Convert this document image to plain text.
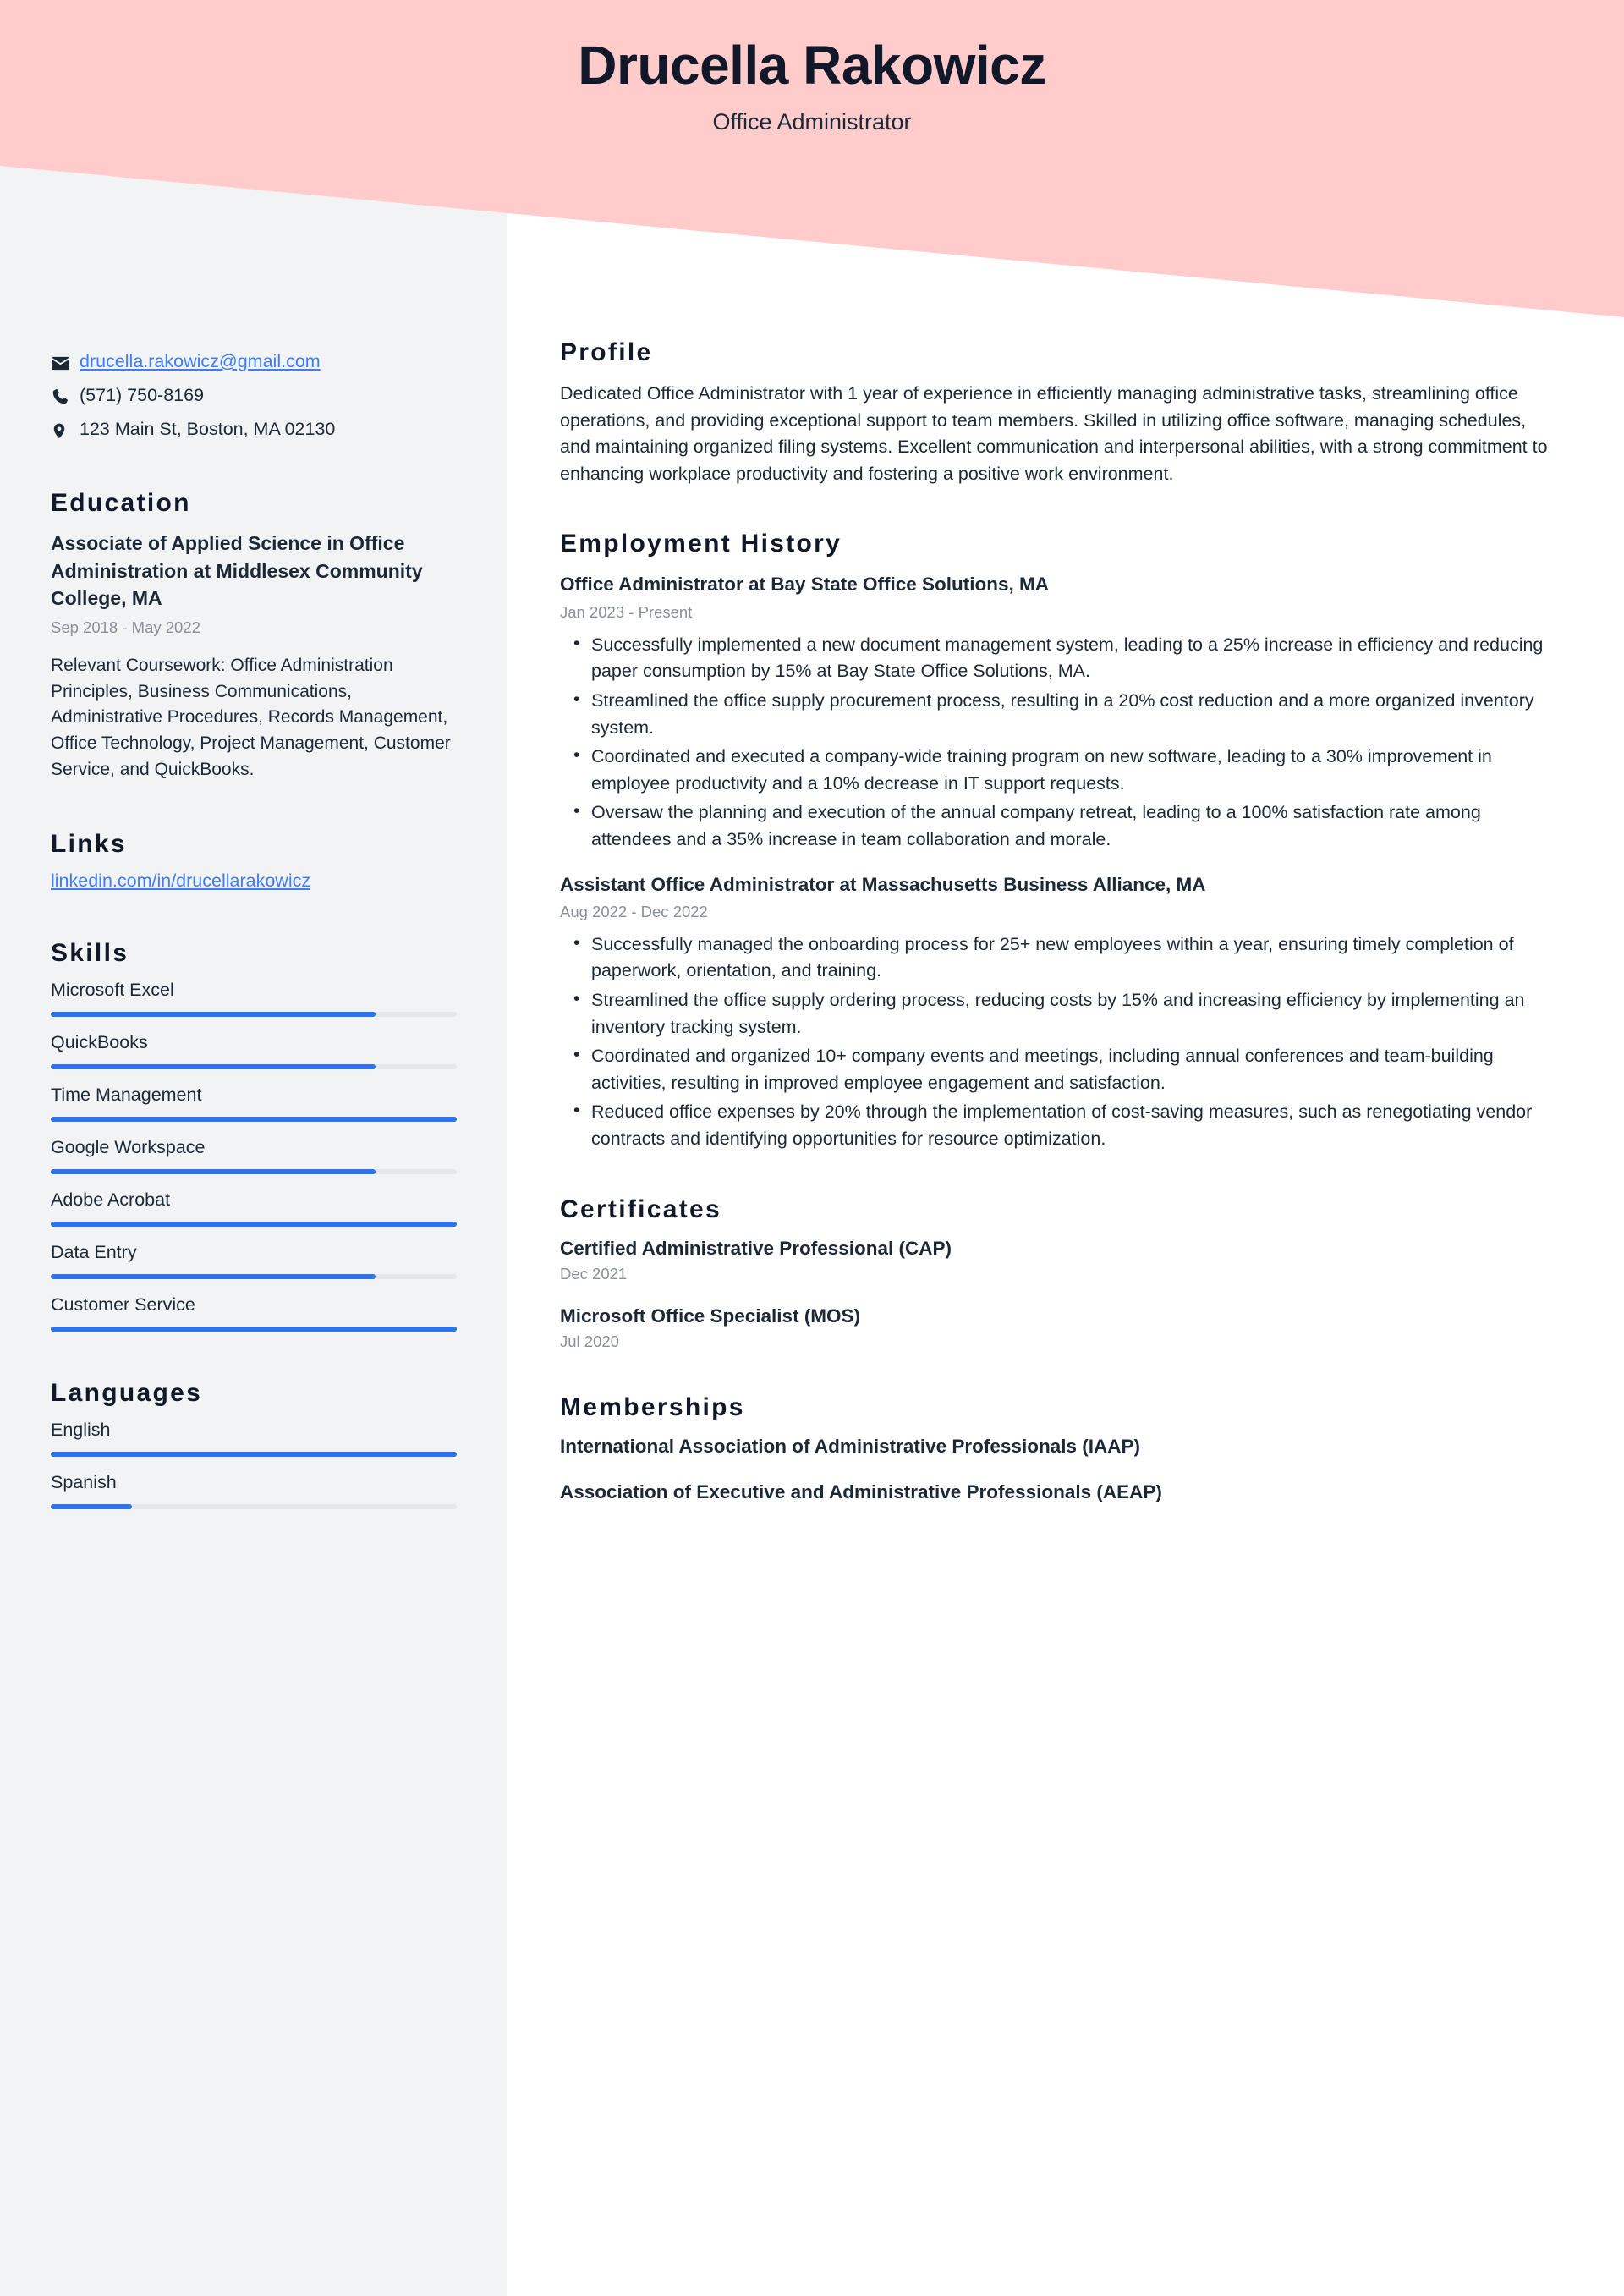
Drucella Rakowicz
Office Administrator
drucella.rakowicz@gmail.com
(571) 750-8169
123 Main St, Boston, MA 02130
Education
Associate of Applied Science in Office Administration at Middlesex Community College, MA
Sep 2018 - May 2022
Relevant Coursework: Office Administration Principles, Business Communications, Administrative Procedures, Records Management, Office Technology, Project Management, Customer Service, and QuickBooks.
Links
linkedin.com/in/drucellarakowicz
Skills
Microsoft Excel
QuickBooks
Time Management
Google Workspace
Adobe Acrobat
Data Entry
Customer Service
Languages
English
Spanish
Profile
Dedicated Office Administrator with 1 year of experience in efficiently managing administrative tasks, streamlining office operations, and providing exceptional support to team members. Skilled in utilizing office software, managing schedules, and maintaining organized filing systems. Excellent communication and interpersonal abilities, with a strong commitment to enhancing workplace productivity and fostering a positive work environment.
Employment History
Office Administrator at Bay State Office Solutions, MA
Jan 2023 - Present
• Successfully implemented a new document management system, leading to a 25% increase in efficiency and reducing paper consumption by 15% at Bay State Office Solutions, MA.
• Streamlined the office supply procurement process, resulting in a 20% cost reduction and a more organized inventory system.
• Coordinated and executed a company-wide training program on new software, leading to a 30% improvement in employee productivity and a 10% decrease in IT support requests.
• Oversaw the planning and execution of the annual company retreat, leading to a 100% satisfaction rate among attendees and a 35% increase in team collaboration and morale.
Assistant Office Administrator at Massachusetts Business Alliance, MA
Aug 2022 - Dec 2022
• Successfully managed the onboarding process for 25+ new employees within a year, ensuring timely completion of paperwork, orientation, and training.
• Streamlined the office supply ordering process, reducing costs by 15% and increasing efficiency by implementing an inventory tracking system.
• Coordinated and organized 10+ company events and meetings, including annual conferences and team-building activities, resulting in improved employee engagement and satisfaction.
• Reduced office expenses by 20% through the implementation of cost-saving measures, such as renegotiating vendor contracts and identifying opportunities for resource optimization.
Certificates
Certified Administrative Professional (CAP)
Dec 2021
Microsoft Office Specialist (MOS)
Jul 2020
Memberships
International Association of Administrative Professionals (IAAP)
Association of Executive and Administrative Professionals (AEAP)
